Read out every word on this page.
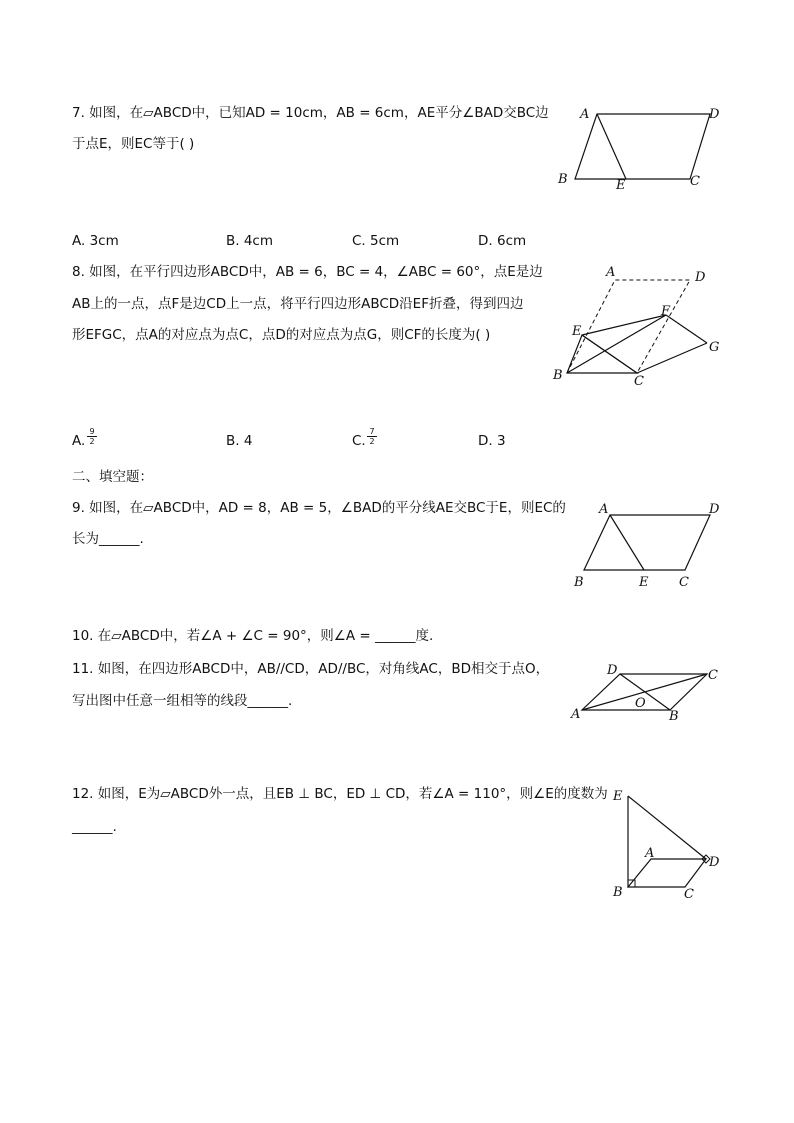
7. 如图，在▱ABCD中，已知AD = 10cm，AB = 6cm，AE平分∠BAD交BC边
于点E，则EC等于( )
A	D
B	E	C
A. 3cm	B. 4cm	C. 5cm	D. 6cm
8. 如图，在平行四边形ABCD中，AB = 6，BC = 4，∠ABC = 60°，点E是边
AB上的一点，点F是边CD上一点，将平行四边形ABCD沿EF折叠，得到四边
形EFGC，点A的对应点为点C，点D的对应点为点G，则CF的长度为( )
A	D
F
E
G
B	C
A. $\frac{9}{2}$	B. 4	C. $\frac{7}{2}$	D. 3
二、填空题：
9. 如图，在▱ABCD中，AD = 8，AB = 5，∠BAD的平分线AE交BC于E，则EC的
长为______.
A	D
B	E C
10. 在▱ABCD中，若∠A + ∠C = 90°，则∠A = ______度.
11. 如图，在四边形ABCD中，AB//CD，AD//BC，对角线AC，BD相交于点O，
写出图中任意一组相等的线段______.
D	C
O
A	B
12. 如图，E为▱ABCD外一点，且EB ⊥ BC，ED ⊥ CD，若∠A = 110°，则∠E的度数为
______.
E
A
D
B	C
